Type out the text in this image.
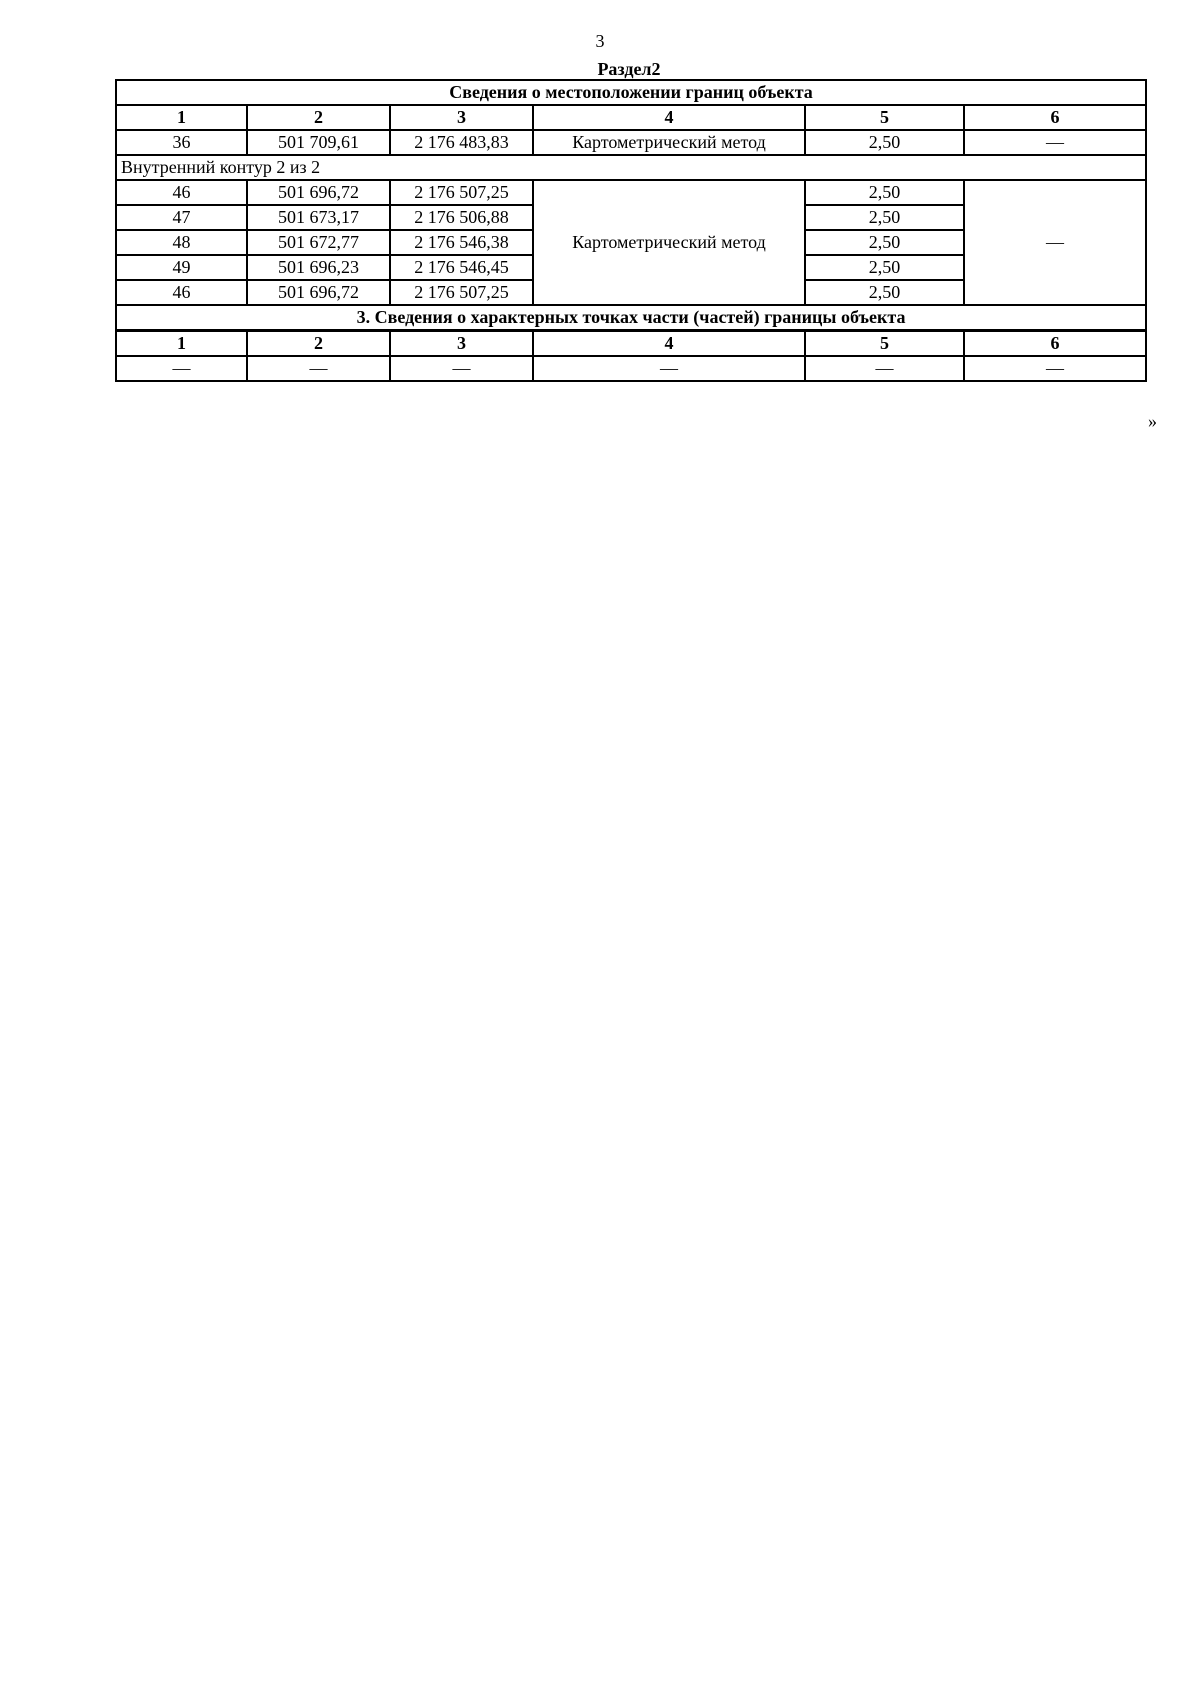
3
Раздел2
Сведения о местоположении границ объекта					
1	2	3	4	5	6
36	501 709,61	2 176 483,83	Картометрический метод	2,50	—
Внутренний контур 2 из 2					
46	501 696,72	2 176 507,25	Картометрический метод	2,50	—
47	501 673,17	2 176 506,88		2,50	
48	501 672,77	2 176 546,38		2,50	
49	501 696,23	2 176 546,45		2,50	
46	501 696,72	2 176 507,25		2,50	
3. Сведения о характерных точках части (частей) границы объекта					
1	2	3	4	5	6
—	—	—	—	—	—
»
